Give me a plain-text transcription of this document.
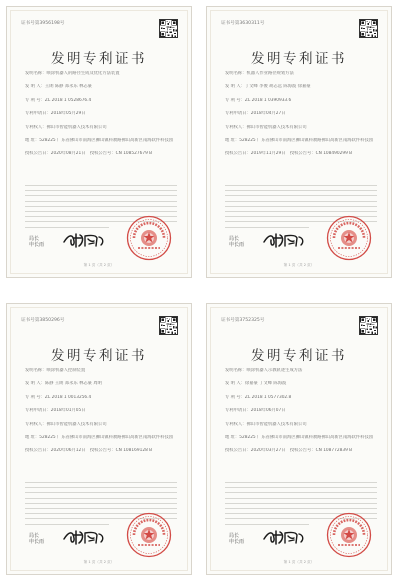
证书号第3956198号
发明专利证书
发明名称：喷涂机器人的路径生成及优化方法装置
发 明 人：王朗 陈静 郑永乐 林志豪
专 利 号：ZL 2018 1 0528676.4
专利申请日：2018年05月29日
专利权人：佛山市智能机器人技术有限公司
地 址：528225 广东省佛山市南海区狮山镇科教路佛山高新区南海软件科技园
授权公告日：2020年08月21日　授权公告号：CN 108527679 B
局长
申长雨
第 1 页（共 2 页）
证书号第3630311号
发明专利证书
发明名称：机器人作业路径规划方法
发 明 人：丁文峰 李俊 胡志远 陈海波 徐嘉豪
专 利 号：ZL 2018 1 0390933.6
专利申请日：2018年04月27日
专利权人：佛山市智能机器人技术有限公司
地 址：528225 广东省佛山市南海区狮山镇科教路佛山高新区南海软件科技园
授权公告日：2019年11月29日　授权公告号：CN 108490299 B
局长
申长雨
第 1 页（共 2 页）
证书号第3850296号
发明专利证书
发明名称：喷涂机器人控制装置
发 明 人：陈静 王朗 郑永乐 林志豪 周明
专 利 号：ZL 2018 1 0013256.4
专利申请日：2018年01月05日
专利权人：佛山市智能机器人技术有限公司
地 址：528225 广东省佛山市南海区狮山镇科教路佛山高新区南海软件科技园
授权公告日：2020年06月12日　授权公告号：CN 108169128 B
局长
申长雨
第 1 页（共 2 页）
证书号第3752325号
发明专利证书
发明名称：喷涂机器人示教轨迹生成方法
发 明 人：徐嘉豪 丁文峰 陈海波
专 利 号：ZL 2018 1 0577302.8
专利申请日：2018年06月07日
专利权人：佛山市智能机器人技术有限公司
地 址：528225 广东省佛山市南海区狮山镇科教路佛山高新区南海软件科技园
授权公告日：2020年03月27日　授权公告号：CN 108772839 B
局长
申长雨
第 1 页（共 2 页）
